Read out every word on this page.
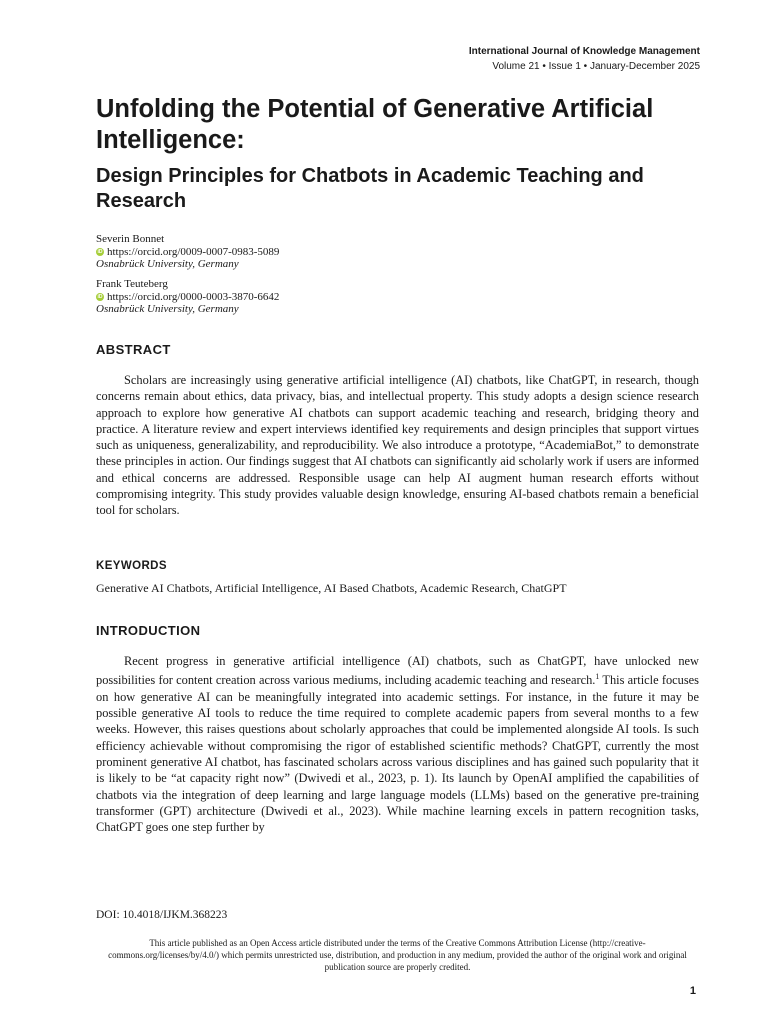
International Journal of Knowledge Management
Volume 21 • Issue 1 • January-December 2025
Unfolding the Potential of Generative Artificial Intelligence:
Design Principles for Chatbots in Academic Teaching and Research
Severin Bonnet
iD https://orcid.org/0009-0007-0983-5089
Osnabrück University, Germany
Frank Teuteberg
iD https://orcid.org/0000-0003-3870-6642
Osnabrück University, Germany
ABSTRACT

Scholars are increasingly using generative artificial intelligence (AI) chatbots, like ChatGPT, in research, though concerns remain about ethics, data privacy, bias, and intellectual property. This study adopts a design science research approach to explore how generative AI chatbots can support academic teaching and research, bridging theory and practice. A literature review and expert interviews identified key requirements and design principles that support virtues such as uniqueness, generalizability, and reproducibility. We also introduce a prototype, “AcademiaBot,” to demonstrate these principles in action. Our findings suggest that AI chatbots can significantly aid scholarly work if users are informed and ethical concerns are addressed. Responsible usage can help AI augment human research efforts without compromising integrity. This study provides valuable design knowledge, ensuring AI-based chatbots remain a beneficial tool for scholars.

KEYWORDS

Generative AI Chatbots, Artificial Intelligence, AI Based Chatbots, Academic Research, ChatGPT

INTRODUCTION

Recent progress in generative artificial intelligence (AI) chatbots, such as ChatGPT, have unlocked new possibilities for content creation across various mediums, including academic teaching and research.$^1$ This article focuses on how generative AI can be meaningfully integrated into academic settings. For instance, in the future it may be possible generative AI tools to reduce the time required to complete academic papers from several months to a few weeks. However, this raises questions about scholarly approaches that could be implemented alongside AI tools. Is such efficiency achievable without compromising the rigor of established scientific methods? ChatGPT, currently the most prominent generative AI chatbot, has fascinated scholars across various disciplines and has gained such popularity that it is likely to be “at capacity right now” (Dwivedi et al., 2023, p. 1). Its launch by OpenAI amplified the capabilities of chatbots via the integration of deep learning and large language models (LLMs) based on the generative pre-training transformer (GPT) architecture (Dwivedi et al., 2023). While machine learning excels in pattern recognition tasks, ChatGPT goes one step further by

DOI: 10.4018/IJKM.368223

This article published as an Open Access article distributed under the terms of the Creative Commons Attribution License (http://creative-commons.org/licenses/by/4.0/) which permits unrestricted use, distribution, and production in any medium, provided the author of the original work and original publication source are properly credited.

1
